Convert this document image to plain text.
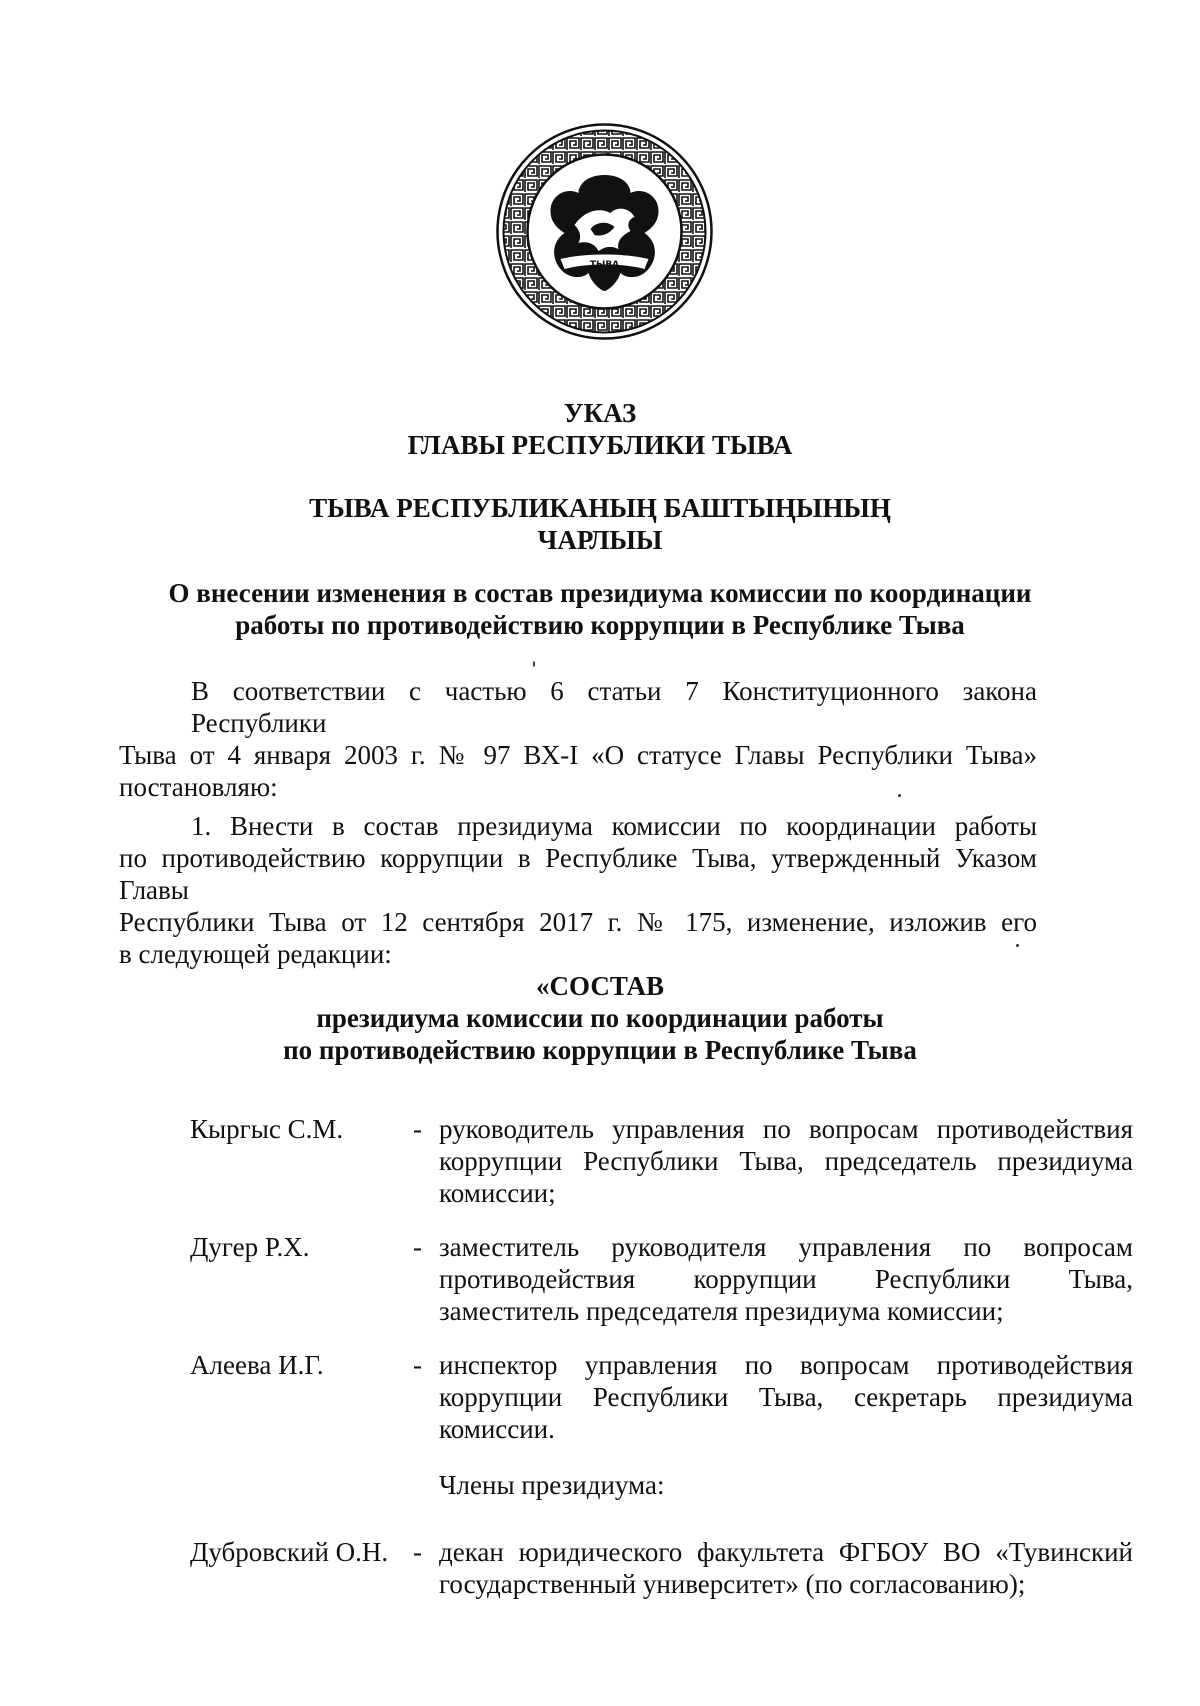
ТЫВА
УКАЗ
ГЛАВЫ РЕСПУБЛИКИ ТЫВА
ТЫВА РЕСПУБЛИКАНЫҢ БАШТЫҢЫНЫҢ
ЧАРЛЫЫ
О внесении изменения в состав президиума комиссии по координации
работы по противодействию коррупции в Республике Тыва
В соответствии с частью 6 статьи 7 Конституционного закона Республики
Тыва от 4 января 2003 г. № 97 ВХ-I «О статусе Главы Республики Тыва»
постановляю:
1. Внести в состав президиума комиссии по координации работы
по противодействию коррупции в Республике Тыва, утвержденный Указом Главы
Республики Тыва от 12 сентября 2017 г. № 175, изменение, изложив его
в следующей редакции:
«СОСТАВ
президиума комиссии по координации работы
по противодействию коррупции в Республике Тыва
Кыргыс С.М.	- руководитель управления по вопросам противодействия
коррупции Республики Тыва, председатель президиума
комиссии;
Дугер Р.Х.	- заместитель руководителя управления по вопросам
противодействия коррупции Республики Тыва,
заместитель председателя президиума комиссии;
Алеева И.Г.	- инспектор управления по вопросам противодействия
коррупции Республики Тыва, секретарь президиума
комиссии.
Члены президиума:
Дубровский О.Н. - декан юридического факультета ФГБОУ ВО «Тувинский
государственный университет» (по согласованию);
